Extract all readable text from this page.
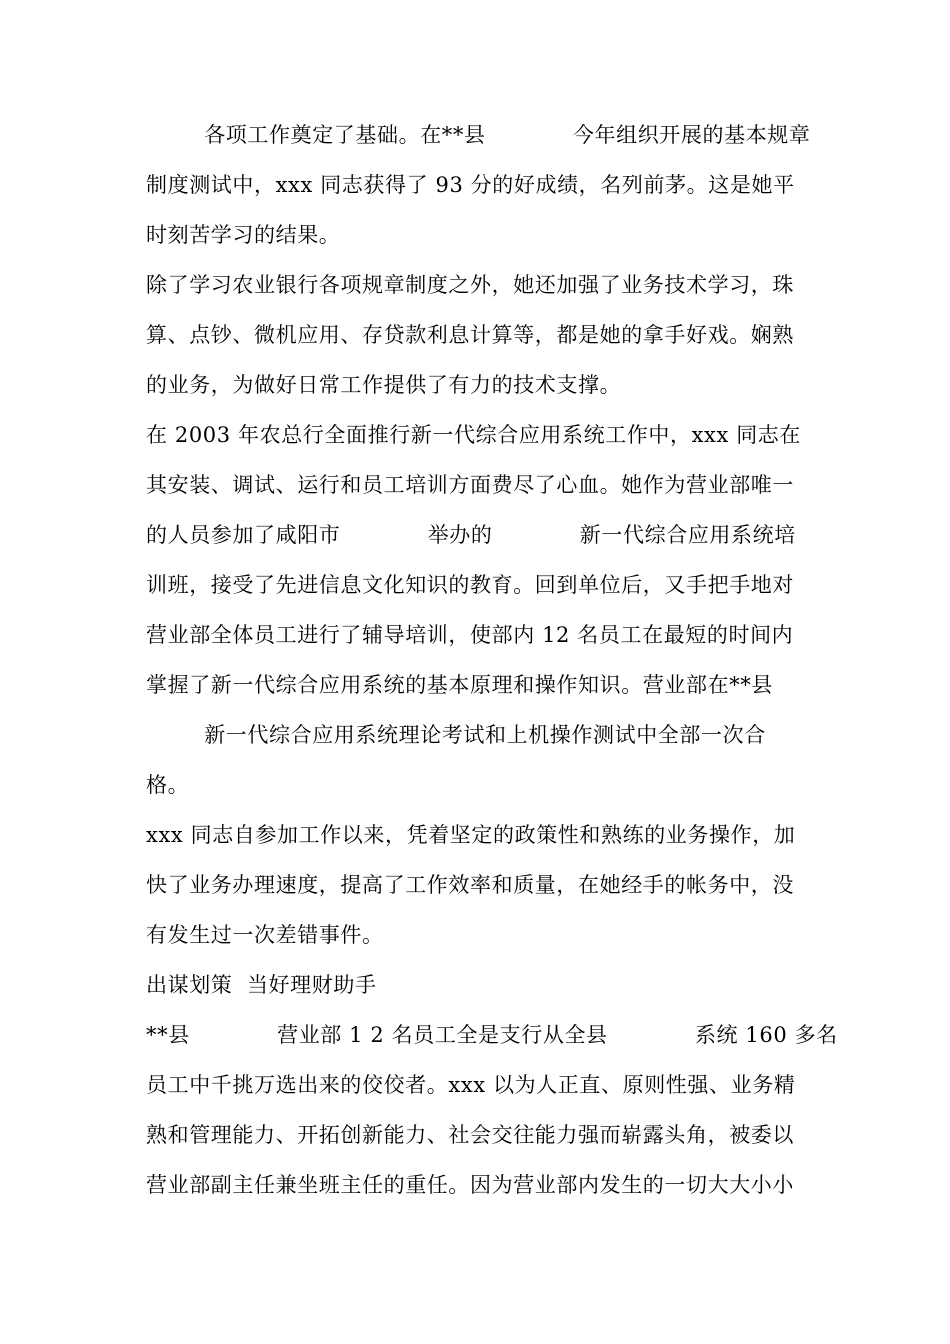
各项工作奠定了基础。在**县            今年组织开展的基本规章
制度测试中，xxx 同志获得了 93 分的好成绩，名列前茅。这是她平
时刻苦学习的结果。
除了学习农业银行各项规章制度之外，她还加强了业务技术学习，珠
算、点钞、微机应用、存贷款利息计算等，都是她的拿手好戏。娴熟
的业务，为做好日常工作提供了有力的技术支撑。
在 2003 年农总行全面推行新一代综合应用系统工作中，xxx 同志在
其安装、调试、运行和员工培训方面费尽了心血。她作为营业部唯一
的人员参加了咸阳市            举办的            新一代综合应用系统培
训班，接受了先进信息文化知识的教育。回到单位后，又手把手地对
营业部全体员工进行了辅导培训，使部内 12 名员工在最短的时间内
掌握了新一代综合应用系统的基本原理和操作知识。营业部在**县
新一代综合应用系统理论考试和上机操作测试中全部一次合
格。
xxx 同志自参加工作以来，凭着坚定的政策性和熟练的业务操作，加
快了业务办理速度，提高了工作效率和质量，在她经手的帐务中，没
有发生过一次差错事件。
出谋划策  当好理财助手
**县            营业部 1 2 名员工全是支行从全县            系统 160 多名
员工中千挑万选出来的佼佼者。xxx 以为人正直、原则性强、业务精
熟和管理能力、开拓创新能力、社会交往能力强而崭露头角，被委以
营业部副主任兼坐班主任的重任。因为营业部内发生的一切大大小小
